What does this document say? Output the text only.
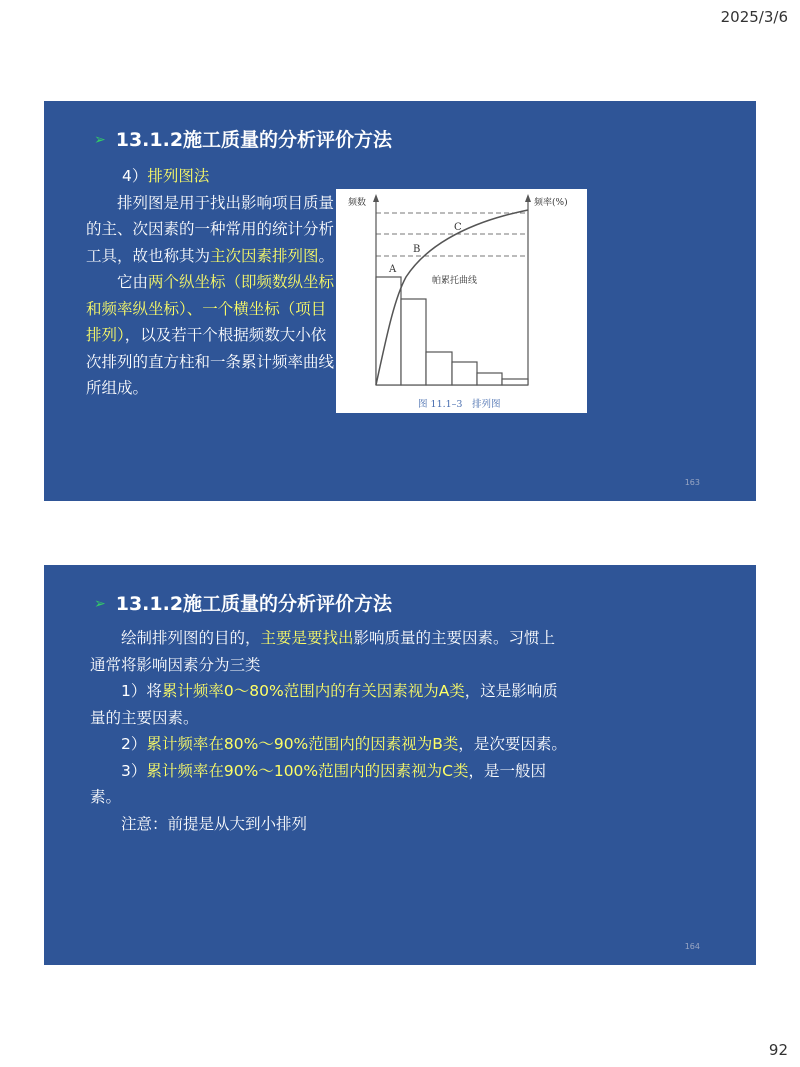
2025/3/6
➢ 13.1.2施工质量的分析评价方法

4）排列图法

排列图是用于找出影响项目质量的主、次因素的一种常用的统计分析工具，故也称其为主次因素排列图。

它由两个纵坐标（即频数纵坐标和频率纵坐标）、一个横坐标（项目排列），以及若干个根据频数大小依次排列的直方柱和一条累计频率曲线所组成。

频数	频率(%)
A
B
C
帕累托曲线
图 11.1–3　排列图
163
➢ 13.1.2施工质量的分析评价方法

绘制排列图的目的，主要是要找出影响质量的主要因素。习惯上通常将影响因素分为三类

1）将累计频率0～80%范围内的有关因素视为A类，这是影响质量的主要因素。

2）累计频率在80%～90%范围内的因素视为B类，是次要因素。

3）累计频率在90%～100%范围内的因素视为C类，是一般因素。

注意：前提是从大到小排列

164
92
